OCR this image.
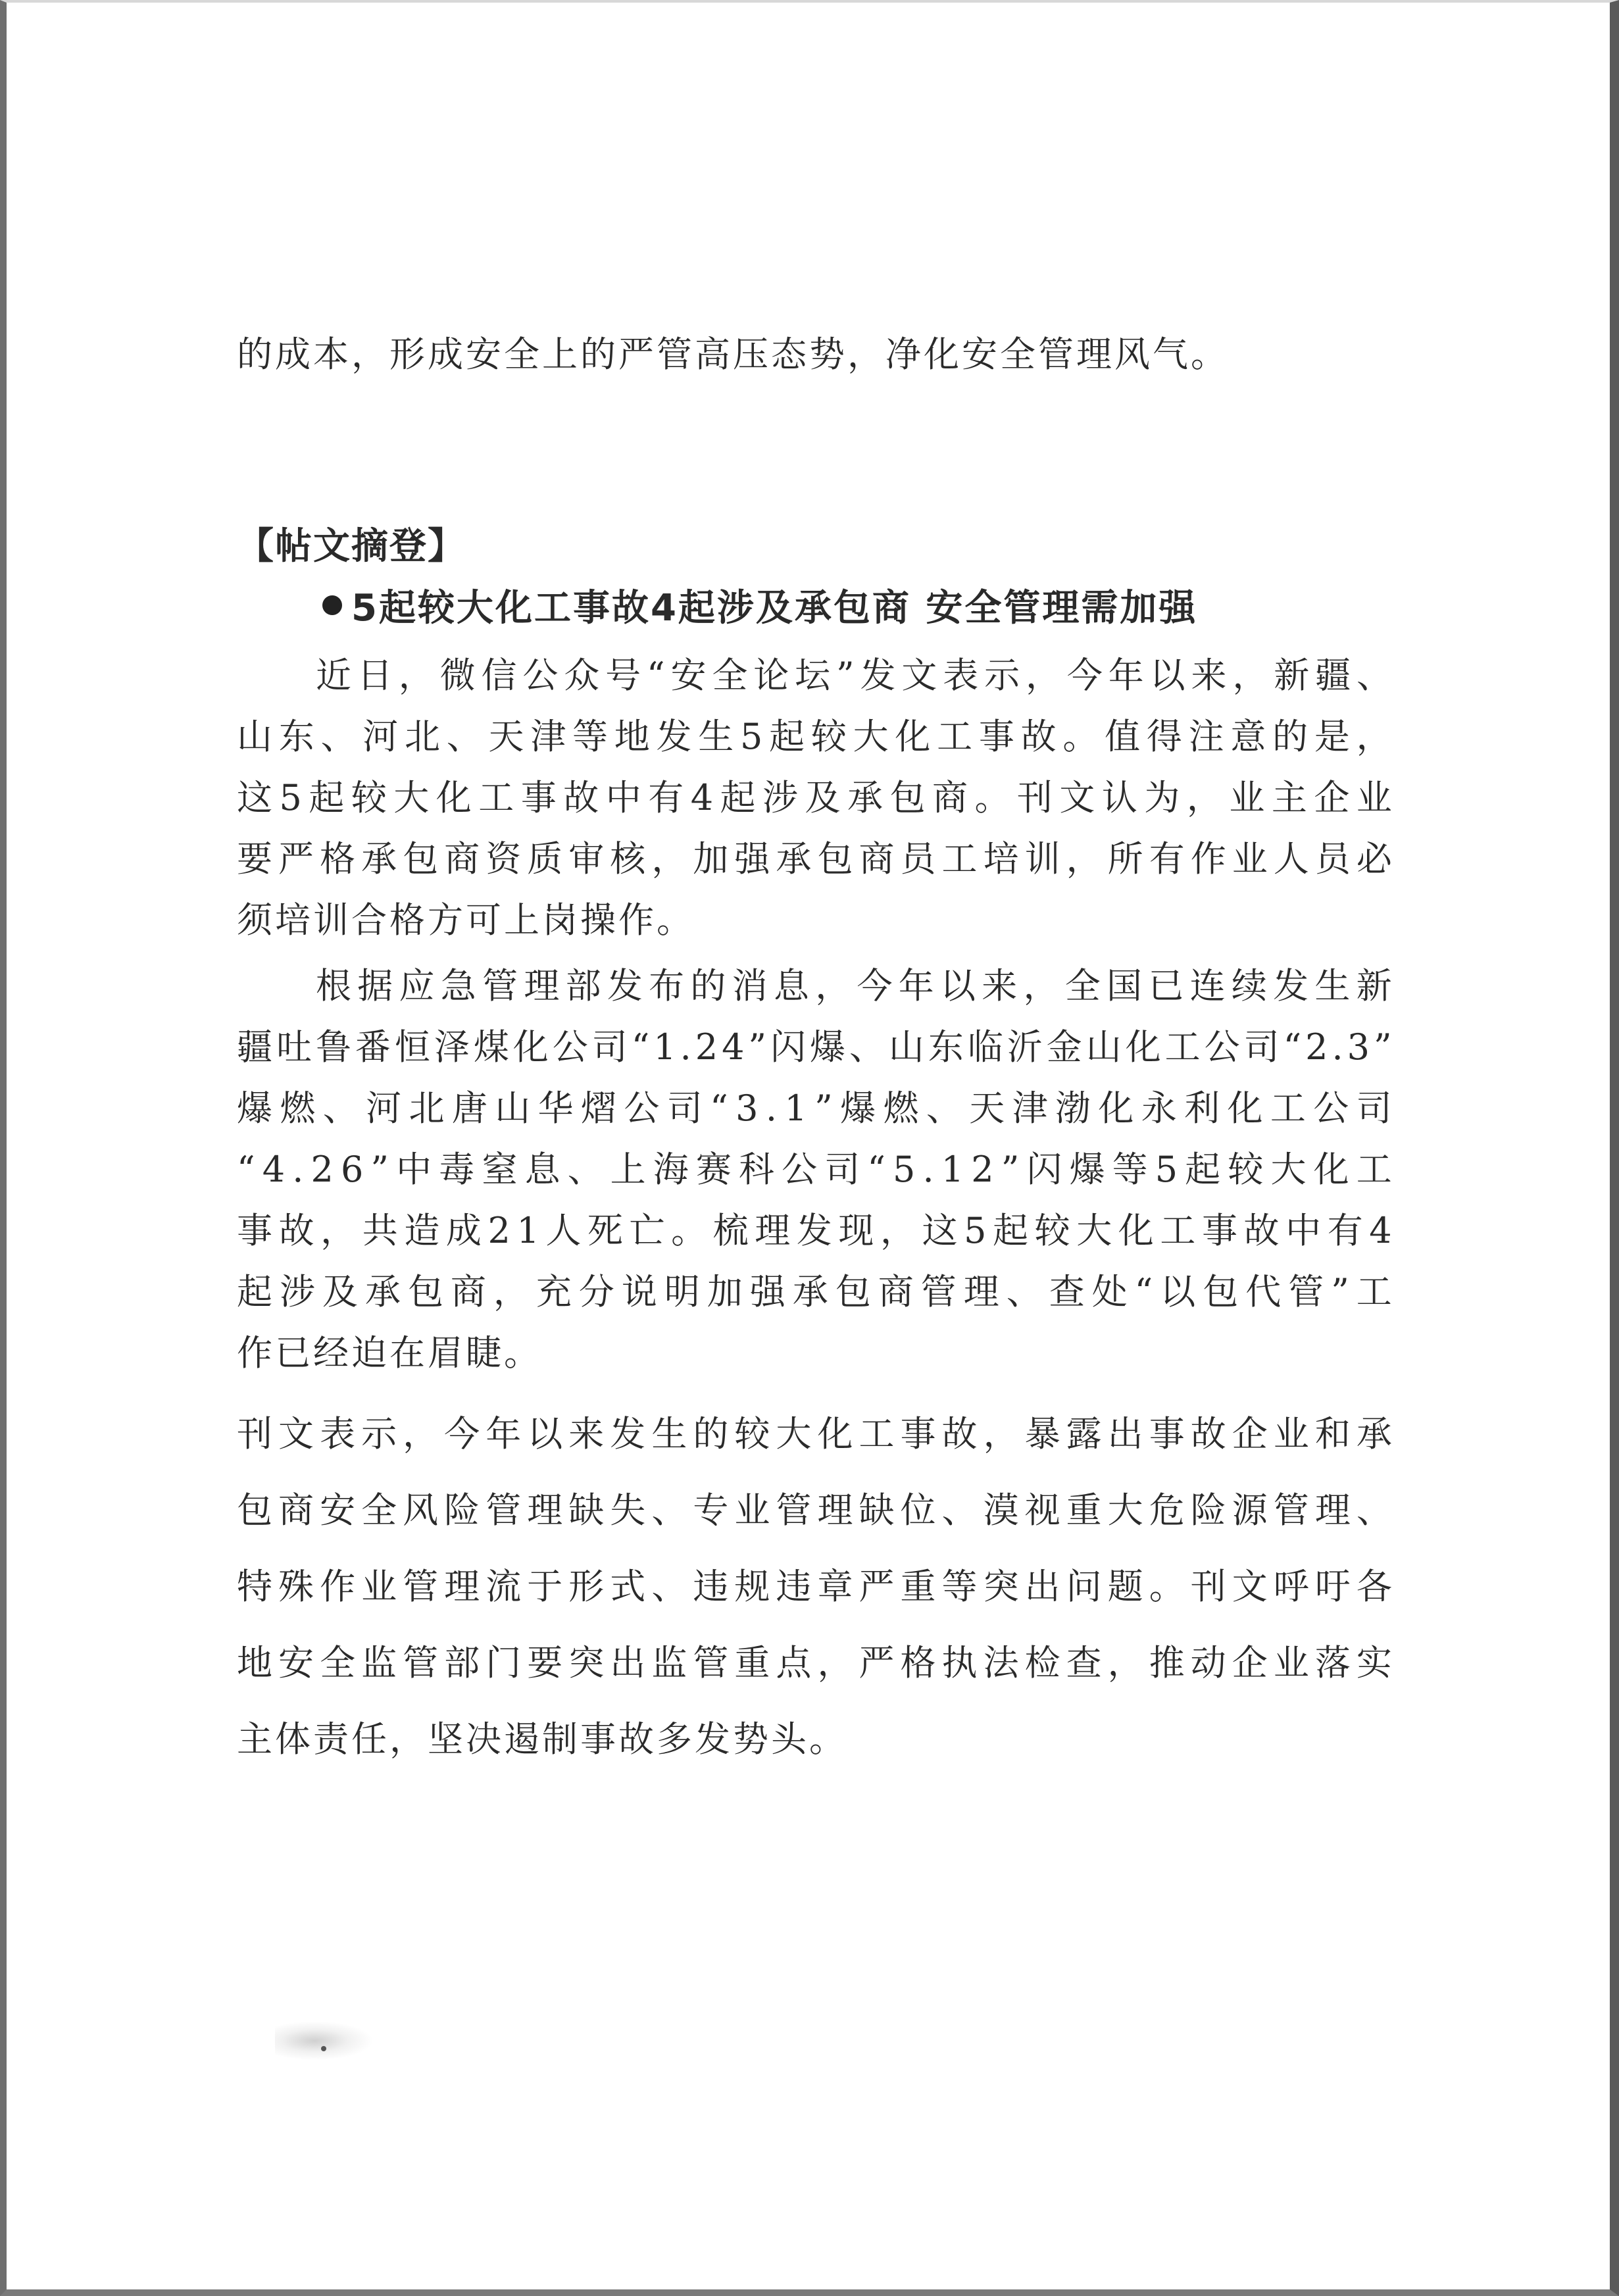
的成本，形成安全上的严管高压态势，净化安全管理风气。
【帖文摘登】
5起较大化工事故4起涉及承包商 安全管理需加强
近 日 ， 微 信 公 众 号 “ 安 全 论 坛 ” 发 文 表 示 ， 今 年 以 来 ， 新 疆 、
山 东 、 河 北 、 天 津 等 地 发 生 5 起 较 大 化 工 事 故 。 值 得 注 意 的 是 ，
这 5 起 较 大 化 工 事 故 中 有 4 起 涉 及 承 包 商 。 刊 文 认 为 ， 业 主 企 业
要 严 格 承 包 商 资 质 审 核 ， 加 强 承 包 商 员 工 培 训 ， 所 有 作 业 人 员 必
须培训合格方可上岗操作。
根 据 应 急 管 理 部 发 布 的 消 息 ， 今 年 以 来 ， 全 国 已 连 续 发 生 新
疆 吐 鲁 番 恒 泽 煤 化 公 司 “ 1 . 2 4 ” 闪 爆 、 山 东 临 沂 金 山 化 工 公 司 “ 2 . 3 ”
爆 燃 、 河 北 唐 山 华 熠 公 司 “ 3 . 1 ” 爆 燃 、 天 津 渤 化 永 利 化 工 公 司
“ 4 . 2 6 ” 中 毒 窒 息 、 上 海 赛 科 公 司 “ 5 . 1 2 ” 闪 爆 等 5 起 较 大 化 工
事 故 ， 共 造 成 2 1 人 死 亡 。 梳 理 发 现 ， 这 5 起 较 大 化 工 事 故 中 有 4
起 涉 及 承 包 商 ， 充 分 说 明 加 强 承 包 商 管 理 、 查 处 “ 以 包 代 管 ” 工
作已经迫在眉睫。
刊 文 表 示 ， 今 年 以 来 发 生 的 较 大 化 工 事 故 ， 暴 露 出 事 故 企 业 和 承
包 商 安 全 风 险 管 理 缺 失 、 专 业 管 理 缺 位 、 漠 视 重 大 危 险 源 管 理 、
特 殊 作 业 管 理 流 于 形 式 、 违 规 违 章 严 重 等 突 出 问 题 。 刊 文 呼 吁 各
地 安 全 监 管 部 门 要 突 出 监 管 重 点 ， 严 格 执 法 检 查 ， 推 动 企 业 落 实
主体责任，坚决遏制事故多发势头。
